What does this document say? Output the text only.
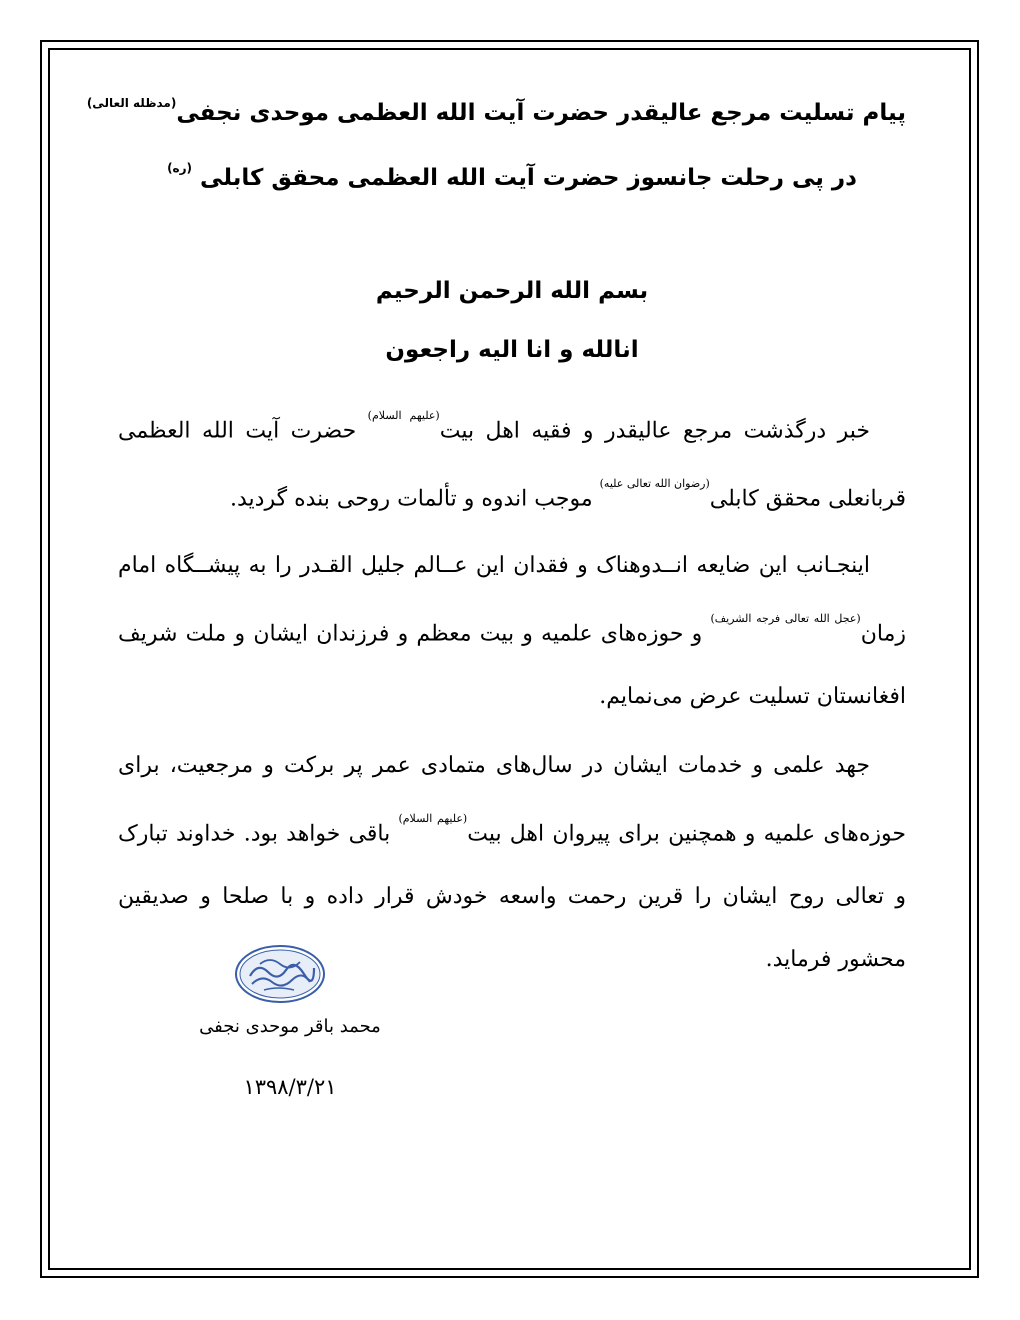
پیام تسلیت مرجع عالیقدر حضرت آیت الله العظمی موحدی نجفی$^{(مدظله العالی)}$
در پی رحلت جانسوز حضرت آیت الله العظمی محقق کابلی $^{(ره)}$
بسم الله الرحمن الرحیم
انالله و انا الیه راجعون
خبر درگذشت مرجع عالیقدر و فقیه اهل بیت$^{(علیهم السلام)}$ حضرت آیت الله العظمی قربانعلی محقق کابلی$^{(رضوان الله تعالی علیه)}$ موجب اندوه و تألمات روحی بنده گردید.
اینجـانب این ضایعه انــدوهناک و فقدان این عــالم جلیل القـدر را به پیشــگاه امام زمان$^{(عجل الله تعالی فرجه الشریف)}$ و حوزه‌های علمیه و بیت معظم و فرزندان ایشان و ملت شریف افغانستان تسلیت عرض می‌نمایم.
جهد علمی و خدمات ایشان در سال‌های متمادی عمر پر برکت و مرجعیت، برای حوزه‌های علمیه و همچنین برای پیروان اهل بیت$^{(علیهم السلام)}$ باقی خواهد بود. خداوند تبارک و تعالی روح ایشان را قرین رحمت واسعه خودش قرار داده و با صلحا و صدیقین محشور فرماید.
محمد باقر موحدی نجفی
۱۳۹۸/۳/۲۱
